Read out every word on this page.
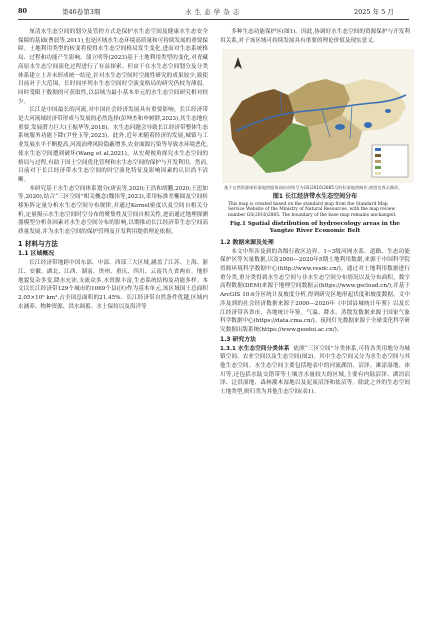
80	第46卷第3期	水 生 态 学 杂 志	2025 年 5 月

厘清水生态空间的划分及管控方式是保护水生态空间及健康水生态安全保障的基础(曹晨等,2011),也是区域水生态环境高质量和可持续发展的重要保障。土地利用类型的转变将使得水生态空间格局发生变化,进而对生态系统格局、过程和功能产生影响。蒲立明等(2023)基于土地利用类型的变化,对青藏高原水生态空间演化过程进行了有益探索。但由于在水生态空间划分及分类体系建立上并未形成统一结论,针对水生态空间时空属性研究的成果较少,致使目前对于大范围、长时间序列水生态空间时空演变格局的研究仍较为薄弱。同时受限于数据的可获取性,以县域为最小基本单元的水生态空间研究相对较少。

长江是中国最长的河流,对中国社会经济发展具有重要影响。长江经济带是大河流域经济带形成与发展的必然选择(彭坤杰和申树群,2023),其生态地位重要,发展潜力巨大(王振华等,2018)。水生态问题会导致长江经济带整体生态系统服务功能下降(尹登玉等,2023)。此外,近年来随着经济的发展,城镇与工业发展水平不断提高,河流治理风险隐蔽增多,农业面源污染等导致水环境恶化,使水生态空间遭到破坏(Wang et al,2021)。从宏观视角探究水生态空间的格局与过程,有助于国土空间优化管理和水生态空间的保护与开发利用。然而,目前对于长江经济带水生态空间的时空演化特征及影响因素的认识尚不清晰。

本研究基于水生态空间体系划分(唐寅等,2020;王浩和胡鹏,2020;王思如等,2020),结合“三区空间”相关概念(魏伟等,2023),采用标准差椭圆及空间转移矩阵定量分析水生态空间分布规律,并通过Kernel密度以及空间自相关分析,定量揭示水生态空间时空分布的聚集性及空间自相关性,进而通过地理探测器模型分析各因素对水生态空间分布的影响,以期推动长江经济带生态空间高质量发展,并为水生态空间的保护管理及开发利用提供理论依据。

1 材料与方法
1.1 区域概况

长江经济带地跨中国东部、中部、西部三大区域,涵盖了江苏、上海、浙江、安徽、湖北、江西、湖南、贵州、重庆、四川、云南共九省两市。地形地貌复杂多变,降水充沛,支流众多,水资源丰富,生态系统结构及功能多样。本文以长江经济带129个城市的1069个县(区)作为基本单元,该区域国土总面积2.05×10⁶ km²,占全国总面积的21.45%。长江经济带自然条件优越,区域内水涵养、物种资源、洪水调蓄、水土保持以及海洋等

多种生态功能保护区(图1)。因此,协调好水生态空间的资源保护与开发利用关系,对于该区域可持续发展具有重要的理论价值及现实意义。

基于自然资源部标准地图服务网站审图号为GS(2016)2885号的标准地图制作,底图边界无修改。
图1 长江经济带水生态空间分布
This map is created based on the standard map from the Standard Map Service Website of the Ministry of Natural Resources, with the map review number GS(2016)2885. The boundary of the base map remains unchanged.
Fig.1 Spatial distribution of hydroecology areas in the Yangtze River Economic Belt
1.2 数据来源及处理

本文中所涉及到的各级行政区边界、1~3级河网水系、道路、生态功能保护区等矢量数据,以及2000—2020年5期土地利用数据,来源于中国科学院资源环境科学数据中心(http://www.resdc.cn/)。通过对土地利用数据进行重分类,重分类得到水生态空间与非水生态空间分布情况以及分布面积。数字高程数据(DEM)来源于地理空间数据云(https://www.gscloud.cn/),并基于ArcGIS 10.6分区统计及坡度分析,得到研究区地形起伏度和坡度数据。文中涉及到的社会经济数据来源于2000—2020年《中国县城统计年鉴》以及长江经济带各省市、各地统计年鉴。气温、降水、蒸散发数据来源于国家气象科学数据中心(https://data.cma.cn/)。夜间灯光数据来源于全球变化科学研究数据出版系统(https://www.geodoi.ac.cn/)。

1.3 研究方法

1.3.1 水生态空间分类体系 依照“三区空间”分类体系,可将各类用地分为城镇空间、农业空间以及生态空间(图2)。其中生态空间又分为水生态空间与其他生态空间。水生态空间主要包括地表中的河流湖泊、沼泽、滩涂湿地、冰川等,还包括水陆交错带等土壤含水量较大的区域,主要有内陆沼泽、湖泊沼泽、泛洪湿地、森林灌木湿地以及泥炭沼泽和盐沼等。除此之外的生态空间土地类型,则归类为其他生态空间(表1)。
